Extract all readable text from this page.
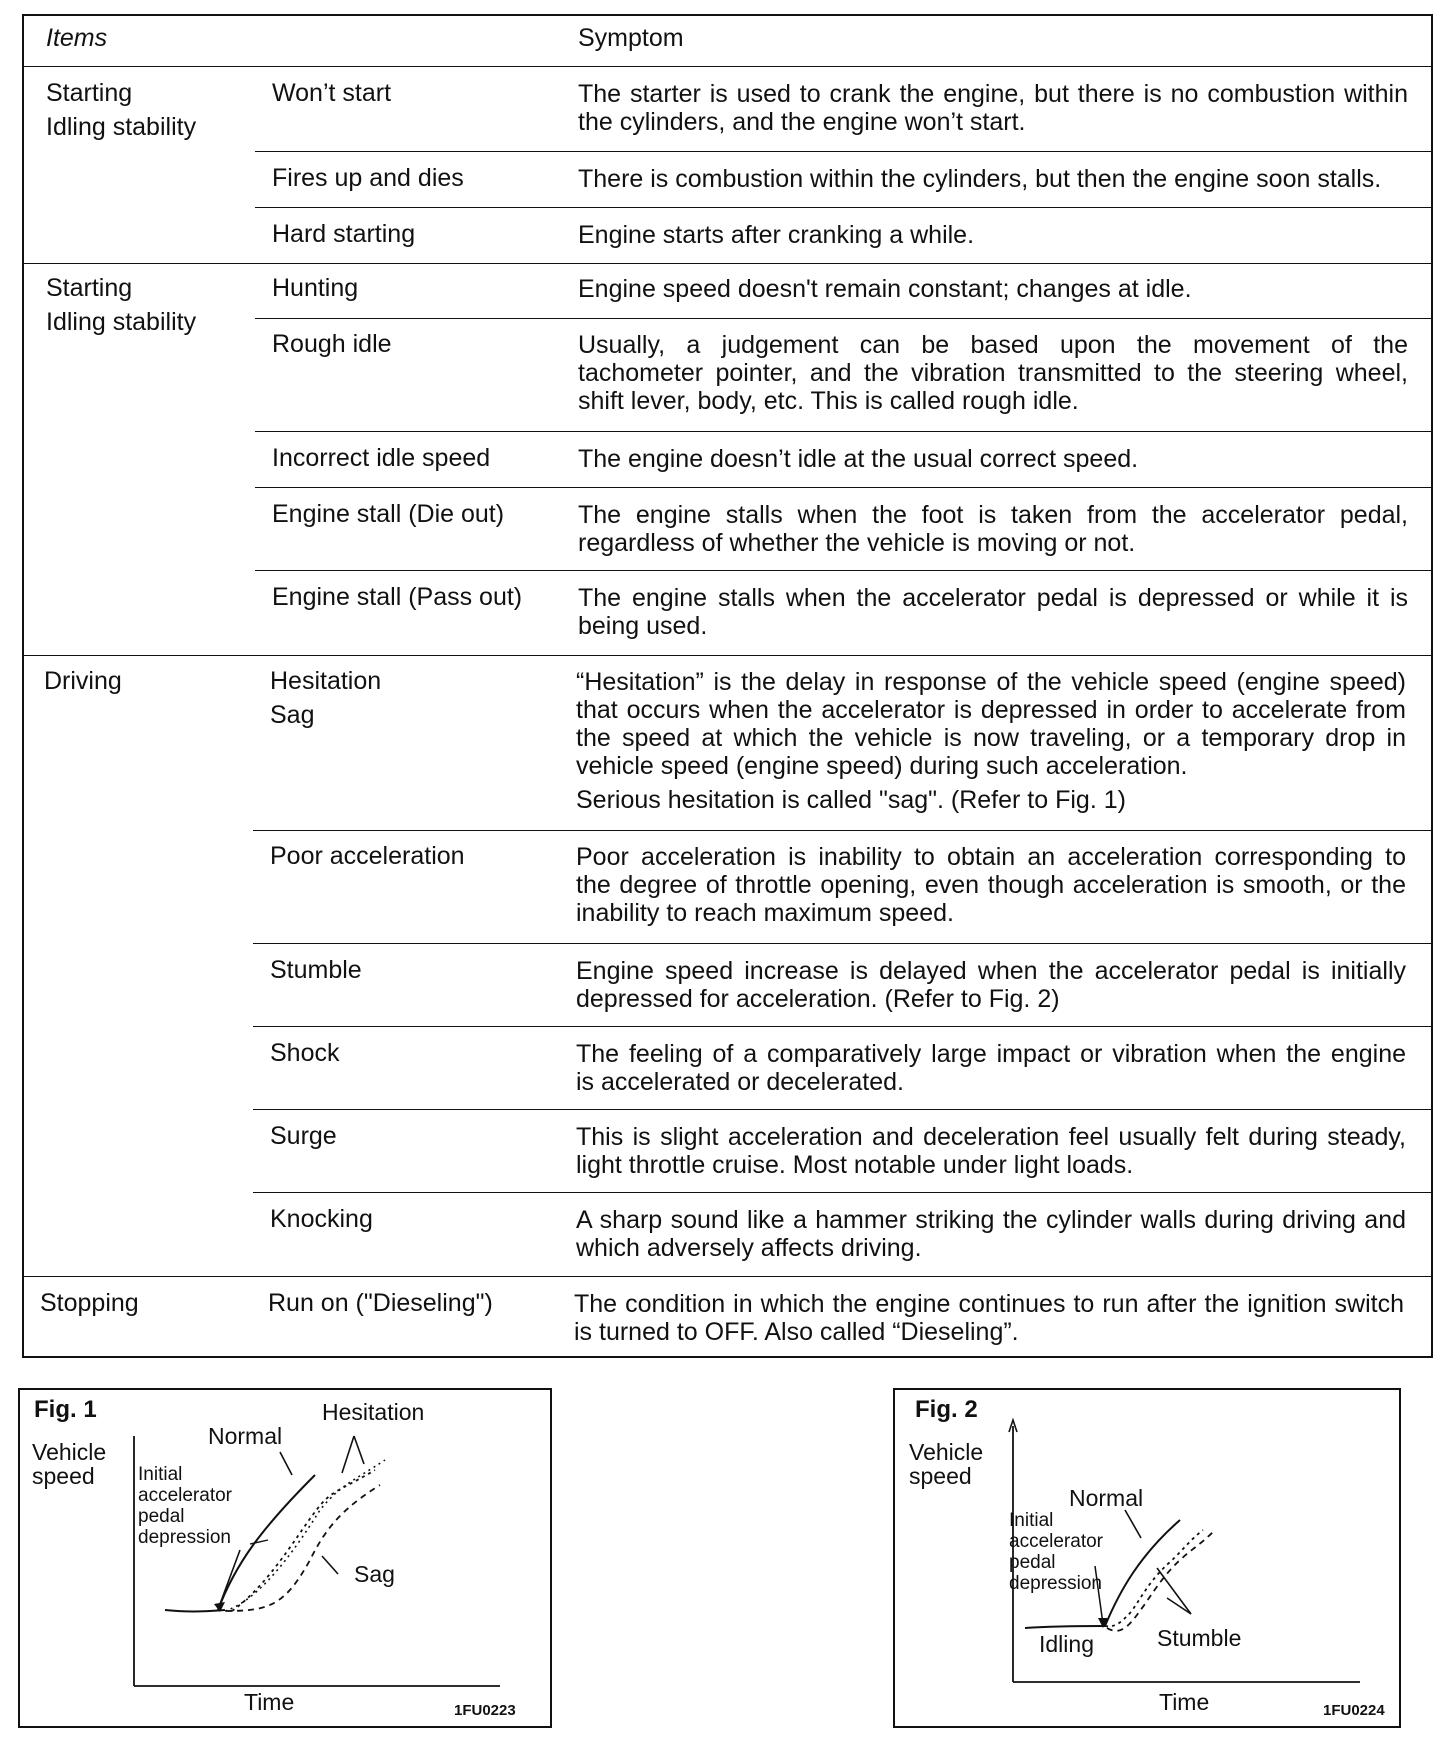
Items	Symptom
Starting
Idling stability
Won’t start	The starter is used to crank the engine, but there is no combustion within
the cylinders, and the engine won’t start.
Fires up and dies	There is combustion within the cylinders, but then the engine soon stalls.
Hard starting	Engine starts after cranking a while.
Starting
Idling stability
Hunting	Engine speed doesn't remain constant; changes at idle.
Rough idle	Usually, a judgement can be based upon the movement of the
tachometer pointer, and the vibration transmitted to the steering wheel,
shift lever, body, etc. This is called rough idle.
Incorrect idle speed	The engine doesn’t idle at the usual correct speed.
Engine stall (Die out)	The engine stalls when the foot is taken from the accelerator pedal,
regardless of whether the vehicle is moving or not.
Engine stall (Pass out) The engine stalls when the accelerator pedal is depressed or while it is
being used.
Driving	Hesitation
Sag
“Hesitation” is the delay in response of the vehicle speed (engine speed)
that occurs when the accelerator is depressed in order to accelerate from
the speed at which the vehicle is now traveling, or a temporary drop in
vehicle speed (engine speed) during such acceleration.
Serious hesitation is called "sag". (Refer to Fig. 1)
Poor acceleration	Poor acceleration is inability to obtain an acceleration corresponding to
the degree of throttle opening, even though acceleration is smooth, or the
inability to reach maximum speed.
Stumble	Engine speed increase is delayed when the accelerator pedal is initially
depressed for acceleration. (Refer to Fig. 2)
Shock	The feeling of a comparatively large impact or vibration when the engine
is accelerated or decelerated.
Surge	This is slight acceleration and deceleration feel usually felt during steady,
light throttle cruise. Most notable under light loads.
Knocking	A sharp sound like a hammer striking the cylinder walls during driving and
which adversely affects driving.
Stopping	Run on ("Dieseling")	The condition in which the engine continues to run after the ignition switch
is turned to OFF. Also called “Dieseling”.
Fig. 1
Vehicle
speed
Normal
Hesitation
Sag
Initial
accelerator
pedal
depression
Time	1FU0223
Fig. 2
Vehicle
speed
Normal
Initial
accelerator
pedal
depression
Idling	Stumble
Time	1FU0224
